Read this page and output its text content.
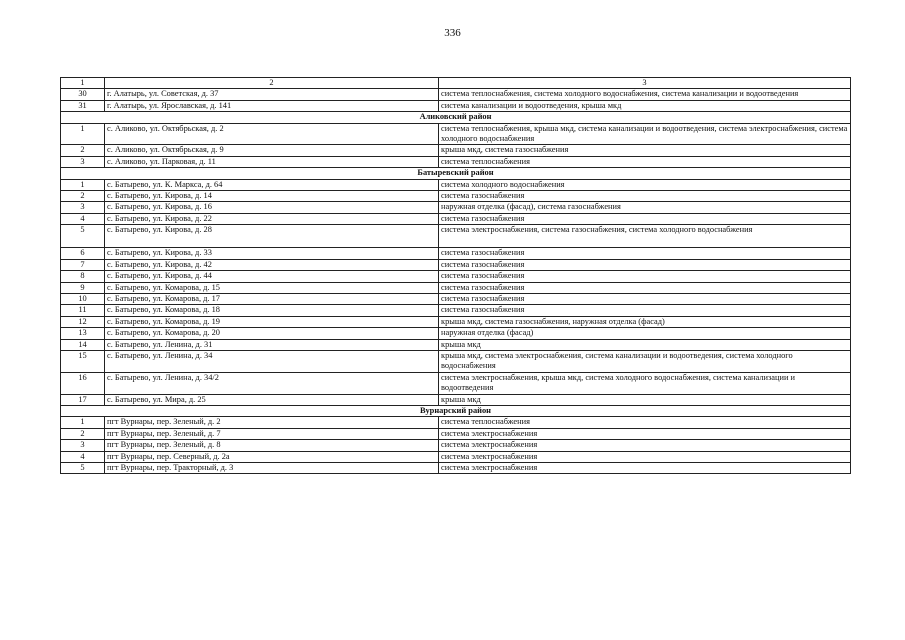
336
1	2	3
30	г. Алатырь, ул. Советская, д. 37	система теплоснабжения, система холодного водоснабжения, система канализации и водоотведения
31	г. Алатырь, ул. Ярославская, д. 141	система канализации и водоотведения, крыша мкд
Аликовский район		
1	с. Аликово, ул. Октябрьская, д. 2	система теплоснабжения, крыша мкд, система канализации и водоотведения, система электроснабжения, система холодного водоснабжения
2	с. Аликово, ул. Октябрьская, д. 9	крыша мкд, система газоснабжения
3	с. Аликово, ул. Парковая, д. 11	система теплоснабжения
Батыревский район		
1	с. Батырево, ул. К. Маркса, д. 64	система холодного водоснабжения
2	с. Батырево, ул. Кирова, д. 14	система газоснабжения
3	с. Батырево, ул. Кирова, д. 16	наружная отделка (фасад), система газоснабжения
4	с. Батырево, ул. Кирова, д. 22	система газоснабжения
5	с. Батырево, ул. Кирова, д. 28	система электроснабжения, система газоснабжения, система холодного водоснабжения
6	с. Батырево, ул. Кирова, д. 33	система газоснабжения
7	с. Батырево, ул. Кирова, д. 42	система газоснабжения
8	с. Батырево, ул. Кирова, д. 44	система газоснабжения
9	с. Батырево, ул. Комарова, д. 15	система газоснабжения
10	с. Батырево, ул. Комарова, д. 17	система газоснабжения
11	с. Батырево, ул. Комарова, д. 18	система газоснабжения
12	с. Батырево, ул. Комарова, д. 19	крыша мкд, система газоснабжения, наружная отделка (фасад)
13	с. Батырево, ул. Комарова, д. 20	наружная отделка (фасад)
14	с. Батырево, ул. Ленина, д. 31	крыша мкд
15	с. Батырево, ул. Ленина, д. 34	крыша мкд, система электроснабжения, система канализации и водоотведения, система холодного водоснабжения
16	с. Батырево, ул. Ленина, д. 34/2	система электроснабжения, крыша мкд, система холодного водоснабжения, система канализации и водоотведения
17	с. Батырево, ул. Мира, д. 25	крыша мкд
Вурнарский район		
1	пгт Вурнары, пер. Зеленый, д. 2	система теплоснабжения
2	пгт Вурнары, пер. Зеленый, д. 7	система электроснабжения
3	пгт Вурнары, пер. Зеленый, д. 8	система электроснабжения
4	пгт Вурнары, пер. Северный, д. 2а	система электроснабжения
5	пгт Вурнары, пер. Тракторный, д. 3	система электроснабжения
